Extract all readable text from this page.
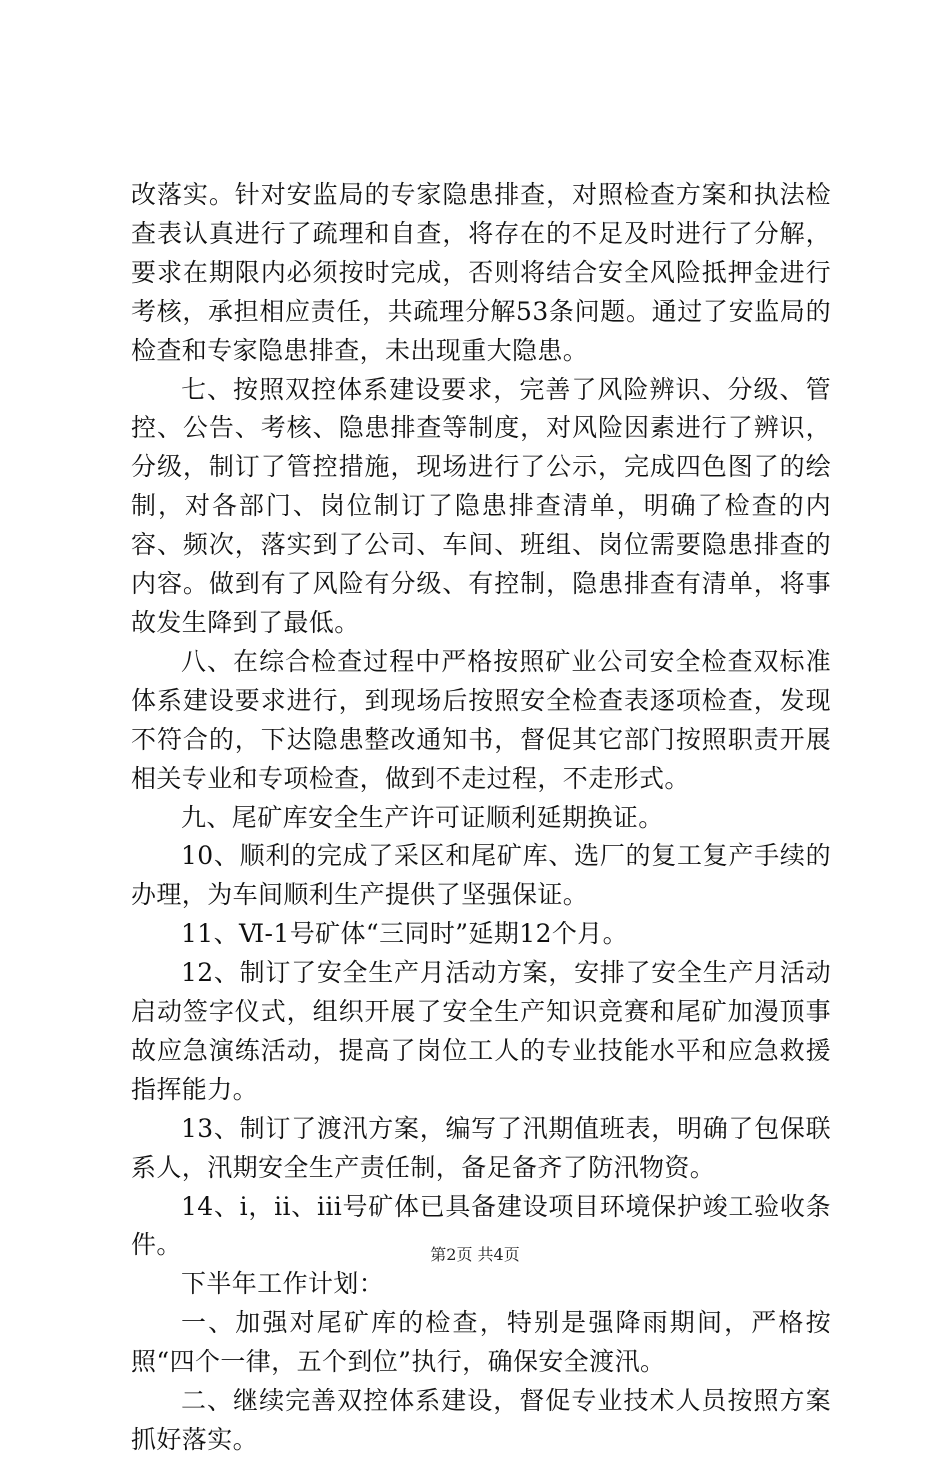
改落实。针对安监局的专家隐患排查，对照检查方案和执法检查表认真进行了疏理和自查，将存在的不足及时进行了分解，要求在期限内必须按时完成，否则将结合安全风险抵押金进行考核，承担相应责任，共疏理分解53条问题。通过了安监局的检查和专家隐患排查，未出现重大隐患。

七、按照双控体系建设要求，完善了风险辨识、分级、管控、公告、考核、隐患排查等制度，对风险因素进行了辨识，分级，制订了管控措施，现场进行了公示，完成四色图了的绘制，对各部门、岗位制订了隐患排查清单，明确了检查的内容、频次，落实到了公司、车间、班组、岗位需要隐患排查的内容。做到有了风险有分级、有控制，隐患排查有清单，将事故发生降到了最低。

八、在综合检查过程中严格按照矿业公司安全检查双标准体系建设要求进行，到现场后按照安全检查表逐项检查，发现不符合的，下达隐患整改通知书，督促其它部门按照职责开展相关专业和专项检查，做到不走过程，不走形式。

九、尾矿库安全生产许可证顺利延期换证。

10、顺利的完成了采区和尾矿库、选厂的复工复产手续的办理，为车间顺利生产提供了坚强保证。

11、Ⅵ-1号矿体“三同时”延期12个月。

12、制订了安全生产月活动方案，安排了安全生产月活动启动签字仪式，组织开展了安全生产知识竞赛和尾矿加漫顶事故应急演练活动，提高了岗位工人的专业技能水平和应急救援指挥能力。

13、制订了渡汛方案，编写了汛期值班表，明确了包保联系人，汛期安全生产责任制，备足备齐了防汛物资。

14、i，ii、iii号矿体已具备建设项目环境保护竣工验收条件。

下半年工作计划：

一、加强对尾矿库的检查，特别是强降雨期间，严格按照“四个一律，五个到位”执行，确保安全渡汛。

二、继续完善双控体系建设，督促专业技术人员按照方案抓好落实。

第2页 共4页
